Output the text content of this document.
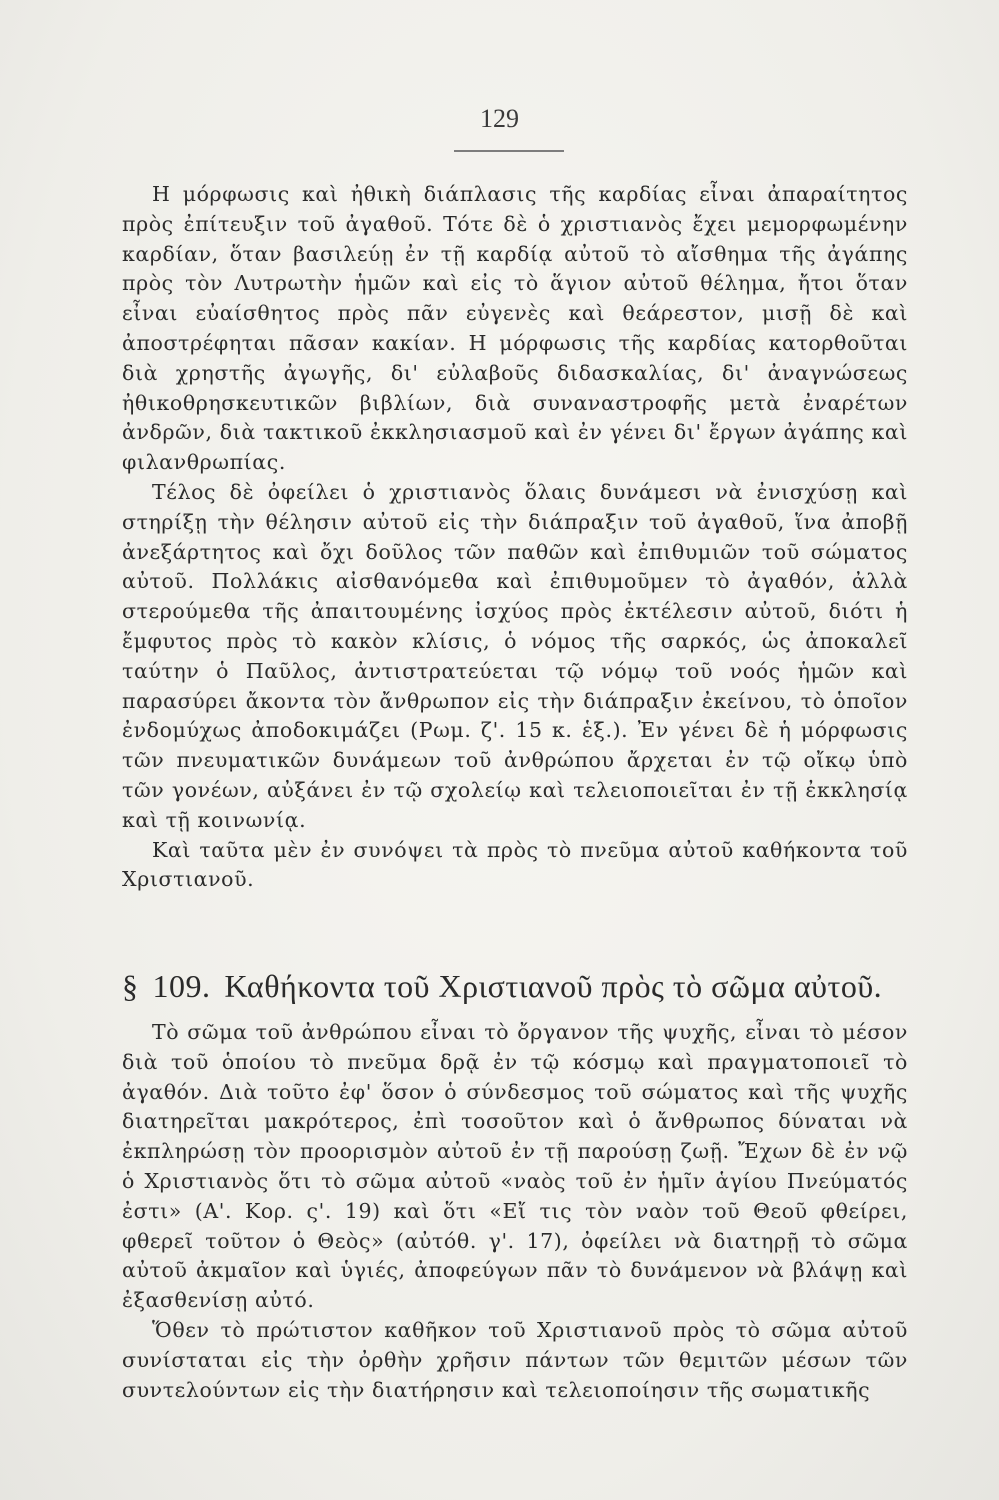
129

Η μόρφωσις καὶ ἠθικὴ διάπλασις τῆς καρδίας εἶναι ἀπαραίτητος πρὸς ἐπίτευξιν τοῦ ἀγαθοῦ. Τότε δὲ ὁ χριστιανὸς ἔχει μεμορφωμένην καρδίαν, ὅταν βασιλεύῃ ἐν τῇ καρδίᾳ αὐτοῦ τὸ αἴσθημα τῆς ἀγάπης πρὸς τὸν Λυτρωτὴν ἡμῶν καὶ εἰς τὸ ἅγιον αὐτοῦ θέλημα, ἤτοι ὅταν εἶναι εὐαίσθητος πρὸς πᾶν εὐγενὲς καὶ θεάρεστον, μισῇ δὲ καὶ ἀποστρέφηται πᾶσαν κακίαν. Η μόρφωσις τῆς καρδίας κατορθοῦται διὰ χρηστῆς ἀγωγῆς, δι' εὐλαβοῦς διδασκαλίας, δι' ἀναγνώσεως ἠθικοθρησκευτικῶν βιβλίων, διὰ συναναστροφῆς μετὰ ἐναρέτων ἀνδρῶν, διὰ τακτικοῦ ἐκκλησιασμοῦ καὶ ἐν γένει δι' ἔργων ἀγάπης καὶ φιλανθρωπίας.

Τέλος δὲ ὀφείλει ὁ χριστιανὸς ὅλαις δυνάμεσι νὰ ἐνισχύσῃ καὶ στηρίξῃ τὴν θέλησιν αὐτοῦ εἰς τὴν διάπραξιν τοῦ ἀγαθοῦ, ἵνα ἀποβῇ ἀνεξάρτητος καὶ ὄχι δοῦλος τῶν παθῶν καὶ ἐπιθυμιῶν τοῦ σώματος αὐτοῦ. Πολλάκις αἰσθανόμεθα καὶ ἐπιθυμοῦμεν τὸ ἀγαθόν, ἀλλὰ στερούμεθα τῆς ἀπαιτουμένης ἰσχύος πρὸς ἐκτέλεσιν αὐτοῦ, διότι ἡ ἔμφυτος πρὸς τὸ κακὸν κλίσις, ὁ νόμος τῆς σαρκός, ὡς ἀποκαλεῖ ταύτην ὁ Παῦλος, ἀντιστρατεύεται τῷ νόμῳ τοῦ νοός ἡμῶν καὶ παρασύρει ἄκοντα τὸν ἄνθρωπον εἰς τὴν διάπραξιν ἐκείνου, τὸ ὁποῖον ἐνδομύχως ἀποδοκιμάζει (Ρωμ. ζ'. 15 κ. ἑξ.). Ἐν γένει δὲ ἡ μόρφωσις τῶν πνευματικῶν δυνάμεων τοῦ ἀνθρώπου ἄρχεται ἐν τῷ οἴκῳ ὑπὸ τῶν γονέων, αὐξάνει ἐν τῷ σχολείῳ καὶ τελειοποιεῖται ἐν τῇ ἐκκλησίᾳ καὶ τῇ κοινωνίᾳ.

Καὶ ταῦτα μὲν ἐν συνόψει τὰ πρὸς τὸ πνεῦμα αὐτοῦ καθήκοντα τοῦ Χριστιανοῦ.

§ 109. Καθήκοντα τοῦ Χριστιανοῦ πρὸς τὸ σῶμα αὐτοῦ.

Τὸ σῶμα τοῦ ἀνθρώπου εἶναι τὸ ὄργανον τῆς ψυχῆς, εἶναι τὸ μέσον διὰ τοῦ ὁποίου τὸ πνεῦμα δρᾷ ἐν τῷ κόσμῳ καὶ πραγματοποιεῖ τὸ ἀγαθόν. Διὰ τοῦτο ἐφ' ὅσον ὁ σύνδεσμος τοῦ σώματος καὶ τῆς ψυχῆς διατηρεῖται μακρότερος, ἐπὶ τοσοῦτον καὶ ὁ ἄνθρωπος δύναται νὰ ἐκπληρώσῃ τὸν προορισμὸν αὐτοῦ ἐν τῇ παρούσῃ ζωῇ. Ἔχων δὲ ἐν νῷ ὁ Χριστιανὸς ὅτι τὸ σῶμα αὐτοῦ «ναὸς τοῦ ἐν ἡμῖν ἁγίου Πνεύματός ἐστι» (Α'. Κορ. ς'. 19) καὶ ὅτι «Εἴ τις τὸν ναὸν τοῦ Θεοῦ φθείρει, φθερεῖ τοῦτον ὁ Θεὸς» (αὐτόθ. γ'. 17), ὀφείλει νὰ διατηρῇ τὸ σῶμα αὐτοῦ ἀκμαῖον καὶ ὑγιές, ἀποφεύγων πᾶν τὸ δυνάμενον νὰ βλάψῃ καὶ ἐξασθενίσῃ αὐτό.

Ὅθεν τὸ πρώτιστον καθῆκον τοῦ Χριστιανοῦ πρὸς τὸ σῶμα αὐτοῦ συνίσταται εἰς τὴν ὀρθὴν χρῆσιν πάντων τῶν θεμιτῶν μέσων τῶν συντελούντων εἰς τὴν διατήρησιν καὶ τελειοποίησιν τῆς σωματικῆς
